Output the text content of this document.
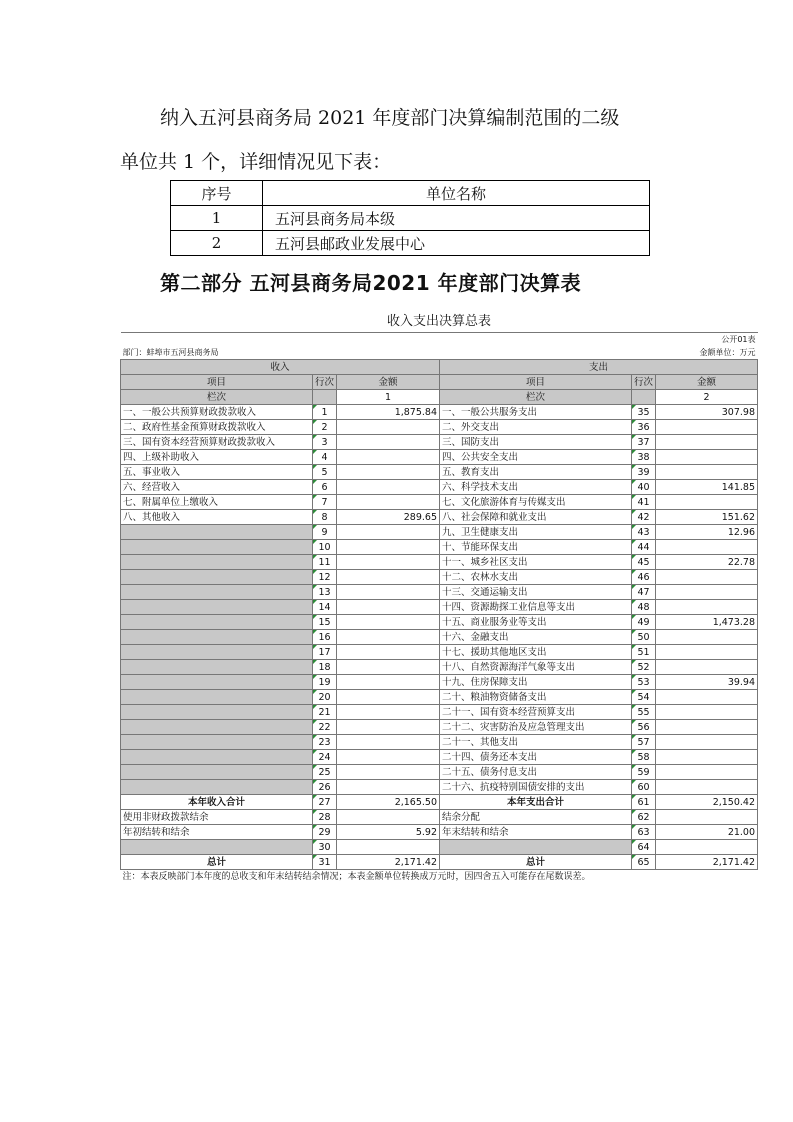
纳入五河县商务局 2021 年度部门决算编制范围的二级
单位共 1 个，详细情况见下表：
序号	单位名称
1	五河县商务局本级
2	五河县邮政业发展中心
第二部分 五河县商务局2021 年度部门决算表
收入支出决算总表					
公开01表					
部门：蚌埠市五河县商务局			金额单位：万元		
收入			支出		
项目	行次	金额	项目	行次	金额
栏次		1	栏次		2
一、一般公共预算财政拨款收入	1	1,875.84	一、一般公共服务支出	35	307.98
二、政府性基金预算财政拨款收入	2		二、外交支出	36	
三、国有资本经营预算财政拨款收入	3		三、国防支出	37	
四、上级补助收入	4		四、公共安全支出	38	
五、事业收入	5		五、教育支出	39	
六、经营收入	6		六、科学技术支出	40	141.85
七、附属单位上缴收入	7		七、文化旅游体育与传媒支出	41	
八、其他收入	8	289.65	八、社会保障和就业支出	42	151.62
	9		九、卫生健康支出	43	12.96
	10		十、节能环保支出	44	
	11		十一、城乡社区支出	45	22.78
	12		十二、农林水支出	46	
	13		十三、交通运输支出	47	
	14		十四、资源勘探工业信息等支出	48	
	15		十五、商业服务业等支出	49	1,473.28
	16		十六、金融支出	50	
	17		十七、援助其他地区支出	51	
	18		十八、自然资源海洋气象等支出	52	
	19		十九、住房保障支出	53	39.94
	20		二十、粮油物资储备支出	54	
	21		二十一、国有资本经营预算支出	55	
	22		二十二、灾害防治及应急管理支出	56	
	23		二十一、其他支出	57	
	24		二十四、债务还本支出	58	
	25		二十五、债务付息支出	59	
	26		二十六、抗疫特别国债安排的支出	60	
本年收入合计	27	2,165.50	本年支出合计	61	2,150.42
使用非财政拨款结余	28		结余分配	62	
年初结转和结余	29	5.92	年末结转和结余	63	21.00
	30			64	
总计	31	2,171.42	总计	65	2,171.42
注：本表反映部门本年度的总收支和年末结转结余情况；本表金额单位转换成万元时，因四舍五入可能存在尾数误差。					
